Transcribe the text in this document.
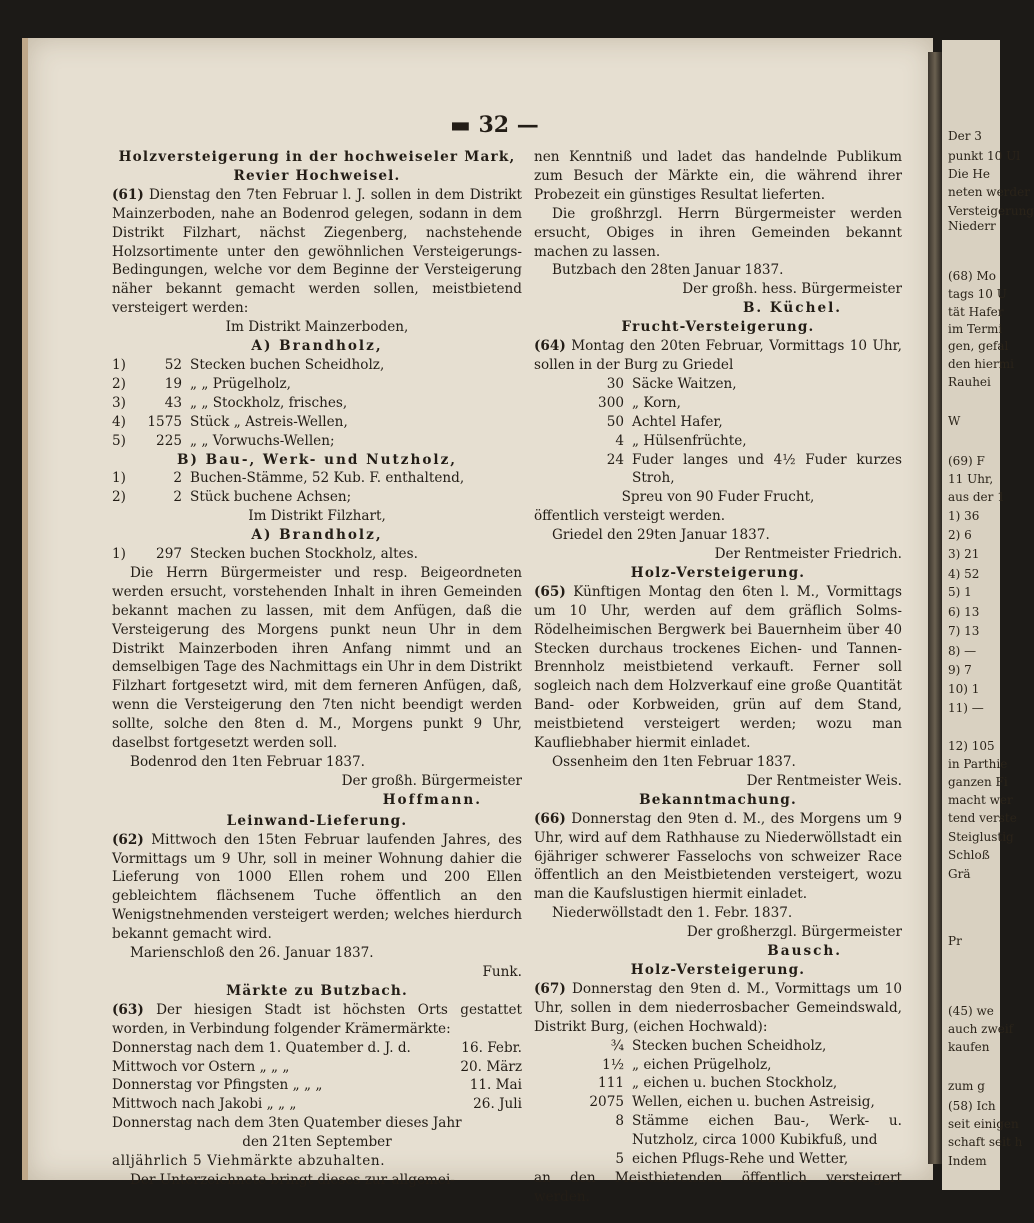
Der 3
punkt 10 Ul
Die He
neten werder
Versteigerung
Niederr
(68) Mo
tags 10 U
tät Hafer
im Termi
gen, gefal
den hiermi
Rauhei
W
(69) F
11 Uhr,
aus der 1
1) 36
2) 6
3) 21
4) 52
5) 1
6) 13
7) 13
8) —
9) 7
10) 1
11) —
12) 105
in Parthie
ganzen Fi
macht wer
tend verste
Steiglustig
Schloß
Grä
Pr
(45) we
auch zweif
kaufen
zum g
(58) Ich
seit einigen
schaft seit h
Indem
▬ 32 —

Holzversteigerung in der hochweiseler Mark, Revier Hochweisel.

(61) Dienstag den 7ten Februar l. J. sollen in dem Distrikt Mainzerboden, nahe an Bodenrod gelegen, sodann in dem Distrikt Filzhart, nächst Ziegenberg, nachstehende Holzsortimente unter den gewöhnlichen Versteigerungs-Bedingungen, welche vor dem Beginne der Versteigerung näher bekannt gemacht werden sollen, meistbietend versteigert werden:

Im Distrikt Mainzerboden,

A) Brandholz,

1)	52 Stecken buchen Scheidholz,
2)	19 „ „ Prügelholz,
3)	43 „ „ Stockholz, frisches,
4)	1575 Stück „ Astreis-Wellen,
5)	225 „ „ Vorwuchs-Wellen;

B) Bau-, Werk- und Nutzholz,

1)	2 Buchen-Stämme, 52 Kub. F. enthaltend,
2)	2 Stück buchene Achsen;

Im Distrikt Filzhart,

A) Brandholz,

1)	297 Stecken buchen Stockholz, altes.

Die Herrn Bürgermeister und resp. Beigeordneten werden ersucht, vorstehenden Inhalt in ihren Gemeinden bekannt machen zu lassen, mit dem Anfügen, daß die Versteigerung des Morgens punkt neun Uhr in dem Distrikt Mainzerboden ihren Anfang nimmt und an demselbigen Tage des Nachmittags ein Uhr in dem Distrikt Filzhart fortgesetzt wird, mit dem ferneren Anfügen, daß, wenn die Versteigerung den 7ten nicht beendigt werden sollte, solche den 8ten d. M., Morgens punkt 9 Uhr, daselbst fortgesetzt werden soll.

Bodenrod den 1ten Februar 1837.

Der großh. Bürgermeister

Hoffmann.

Leinwand-Lieferung.

(62) Mittwoch den 15ten Februar laufenden Jahres, des Vormittags um 9 Uhr, soll in meiner Wohnung dahier die Lieferung von 1000 Ellen rohem und 200 Ellen gebleichtem flächsenem Tuche öffentlich an den Wenigstnehmenden versteigert werden; welches hierdurch bekannt gemacht wird.

Marienschloß den 26. Januar 1837.

Funk.

Märkte zu Butzbach.

(63) Der hiesigen Stadt ist höchsten Orts gestattet worden, in Verbindung folgender Krämermärkte:

Donnerstag nach dem 1. Quatember d. J. d.	16. Febr.
Mittwoch vor Ostern „ „ „	20. März
Donnerstag vor Pfingsten „ „ „	11. Mai
Mittwoch nach Jakobi „ „ „	26. Juli
Donnerstag nach dem 3ten Quatember dieses Jahr

den 21ten September

alljährlich 5 Viehmärkte abzuhalten.

Der Unterzeichnete bringt dieses zur allgemei-

nen Kenntniß und ladet das handelnde Publikum zum Besuch der Märkte ein, die während ihrer Probezeit ein günstiges Resultat lieferten.

Die großhrzgl. Herrn Bürgermeister werden ersucht, Obiges in ihren Gemeinden bekannt machen zu lassen.

Butzbach den 28ten Januar 1837.

Der großh. hess. Bürgermeister

B. Küchel.

Frucht-Versteigerung.

(64) Montag den 20ten Februar, Vormittags 10 Uhr, sollen in der Burg zu Griedel

30 Säcke Waitzen,
300 „ Korn,
50 Achtel Hafer,
4 „ Hülsenfrüchte,
24 Fuder langes und 4½ Fuder kurzes Stroh,

Spreu von 90 Fuder Frucht,

öffentlich versteigt werden.

Griedel den 29ten Januar 1837.

Der Rentmeister Friedrich.

Holz-Versteigerung.

(65) Künftigen Montag den 6ten l. M., Vormittags um 10 Uhr, werden auf dem gräflich Solms-Rödelheimischen Bergwerk bei Bauernheim über 40 Stecken durchaus trockenes Eichen- und Tannen-Brennholz meistbietend verkauft. Ferner soll sogleich nach dem Holzverkauf eine große Quantität Band- oder Korbweiden, grün auf dem Stand, meistbietend versteigert werden; wozu man Kaufliebhaber hiermit einladet.

Ossenheim den 1ten Februar 1837.

Der Rentmeister Weis.

Bekanntmachung.

(66) Donnerstag den 9ten d. M., des Morgens um 9 Uhr, wird auf dem Rathhause zu Niederwöllstadt ein 6jähriger schwerer Fasselochs von schweizer Race öffentlich an den Meistbietenden versteigert, wozu man die Kaufslustigen hiermit einladet.

Niederwöllstadt den 1. Febr. 1837.

Der großherzgl. Bürgermeister

Bausch.

Holz-Versteigerung.

(67) Donnerstag den 9ten d. M., Vormittags um 10 Uhr, sollen in dem niederrosbacher Gemeindswald, Distrikt Burg, (eichen Hochwald):

¾ Stecken buchen Scheidholz,
1½ „ eichen Prügelholz,
111 „ eichen u. buchen Stockholz,
2075 Wellen, eichen u. buchen Astreisig,
8 Stämme eichen Bau-, Werk- u. Nutzholz, circa 1000 Kubikfuß, und
5 eichen Pflugs-Rehe und Wetter,

an den Meistbietenden öffentlich versteigert werden.
